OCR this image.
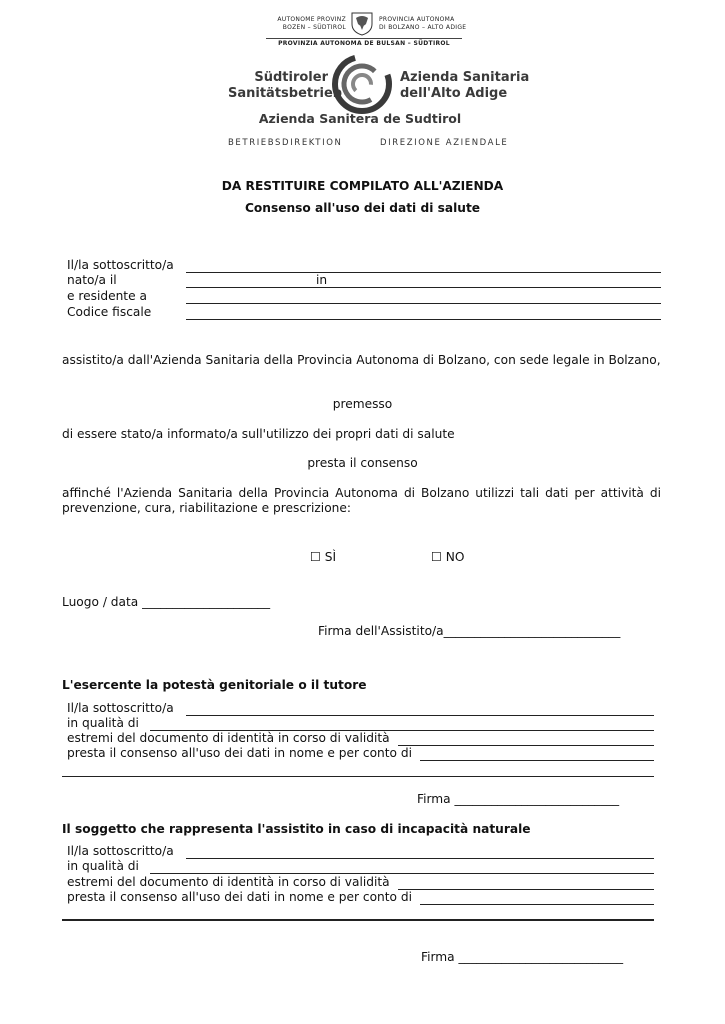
AUTONOME PROVINZ
BOZEN – SÜDTIROL
PROVINCIA AUTONOMA
DI BOLZANO – ALTO ADIGE
PROVINZIA AUTONOMA DE BULSAN – SÜDTIROL
Südtiroler
Sanitätsbetrieb
Azienda Sanitaria
dell'Alto Adige
Azienda Sanitera de Sudtirol
BETRIEBSDIREKTION	DIREZIONE AZIENDALE
DA RESTITUIRE COMPILATO ALL'AZIENDA
Consenso all'uso dei dati di salute
Il/la sottoscritto/a
nato/a il	in
e residente a
Codice fiscale
assistito/a dall'Azienda Sanitaria della Provincia Autonoma di Bolzano, con sede legale in Bolzano,
premesso
di essere stato/a informato/a sull'utilizzo dei propri dati di salute
presta il consenso
affinché l'Azienda Sanitaria della Provincia Autonoma di Bolzano utilizzi tali dati per attività di prevenzione, cura, riabilitazione e prescrizione:
☐ SÌ	☐ NO
Luogo / data _____________________
Firma dell'Assistito/a_____________________________
L'esercente la potestà genitoriale o il tutore
Il/la sottoscritto/a
in qualità di
estremi del documento di identità in corso di validità
presta il consenso all'uso dei dati in nome e per conto di
Firma ___________________________
Il soggetto che rappresenta l'assistito in caso di incapacità naturale
Il/la sottoscritto/a
in qualità di
estremi del documento di identità in corso di validità
presta il consenso all'uso dei dati in nome e per conto di
Firma ___________________________
